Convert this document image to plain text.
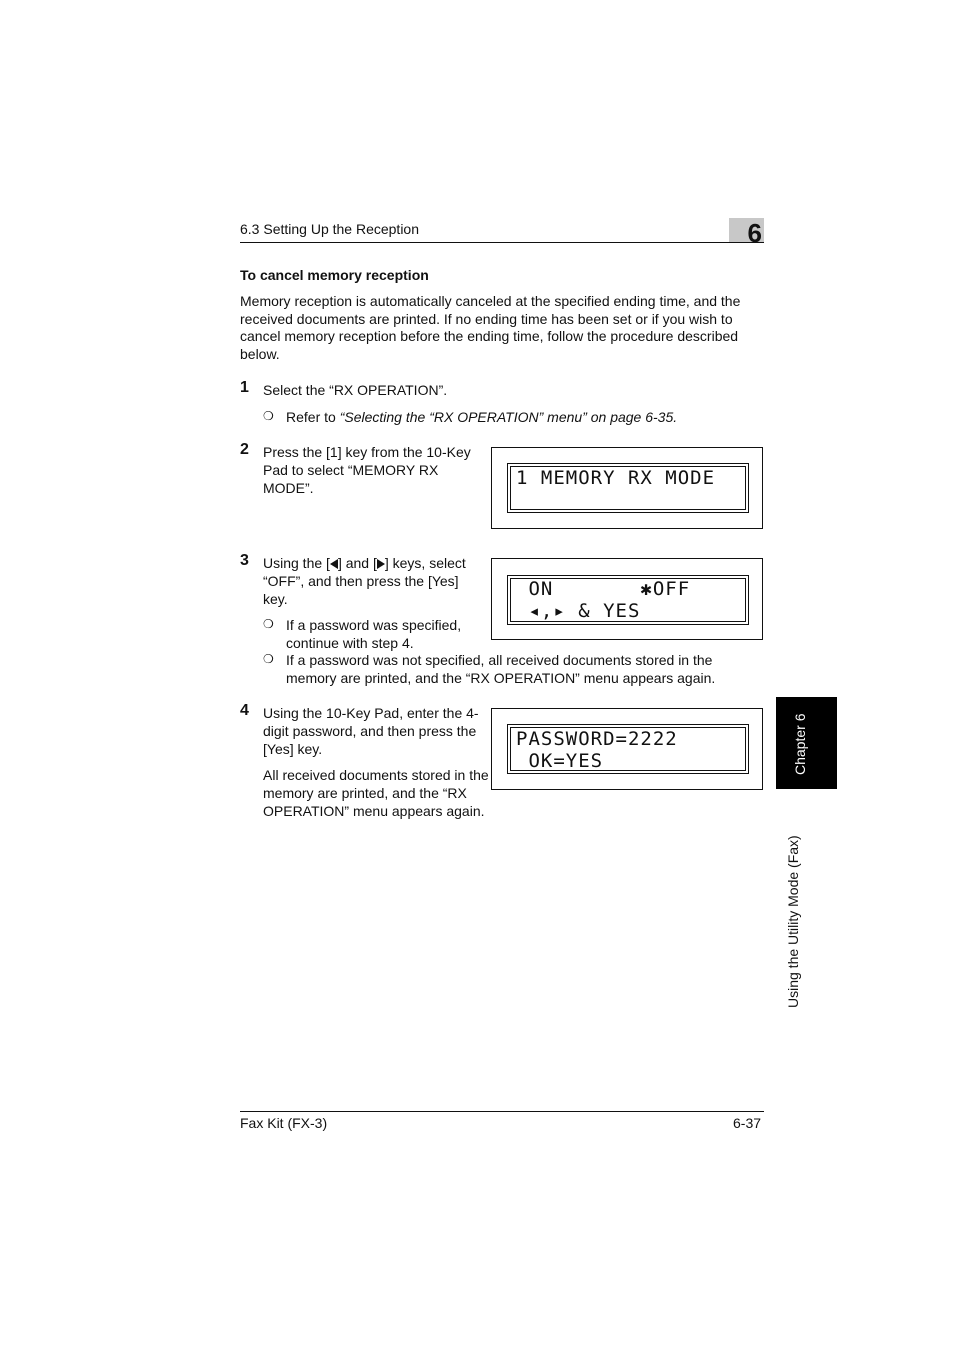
6.3 Setting Up the Reception	6
To cancel memory reception
Memory reception is automatically canceled at the specified ending time, and the received documents are printed. If no ending time has been set or if you wish to cancel memory reception before the ending time, follow the procedure described below.
1 Select the “RX OPERATION”.
❍ Refer to “Selecting the “RX OPERATION” menu” on page 6-35.
2 Press the [1] key from the 10-Key Pad to select “MEMORY RX MODE”.	1 MEMORY RX MODE
3 Using the [ ] and [ ] keys, select “OFF”, and then press the [Yes] key.
❍ If a password was specified, continue with step 4.
❍ If a password was not specified, all received documents stored in the memory are printed, and the “RX OPERATION” menu appears again.
ON       ✱OFF
◂,▸ & YES
4 Using the 10-Key Pad, enter the 4-digit password, and then press the [Yes] key.
All received documents stored in the memory are printed, and the “RX OPERATION” menu appears again.
PASSWORD=2222
OK=YES	Chapter 6
Using the Utility Mode (Fax)
Fax Kit (FX-3)	6-37
